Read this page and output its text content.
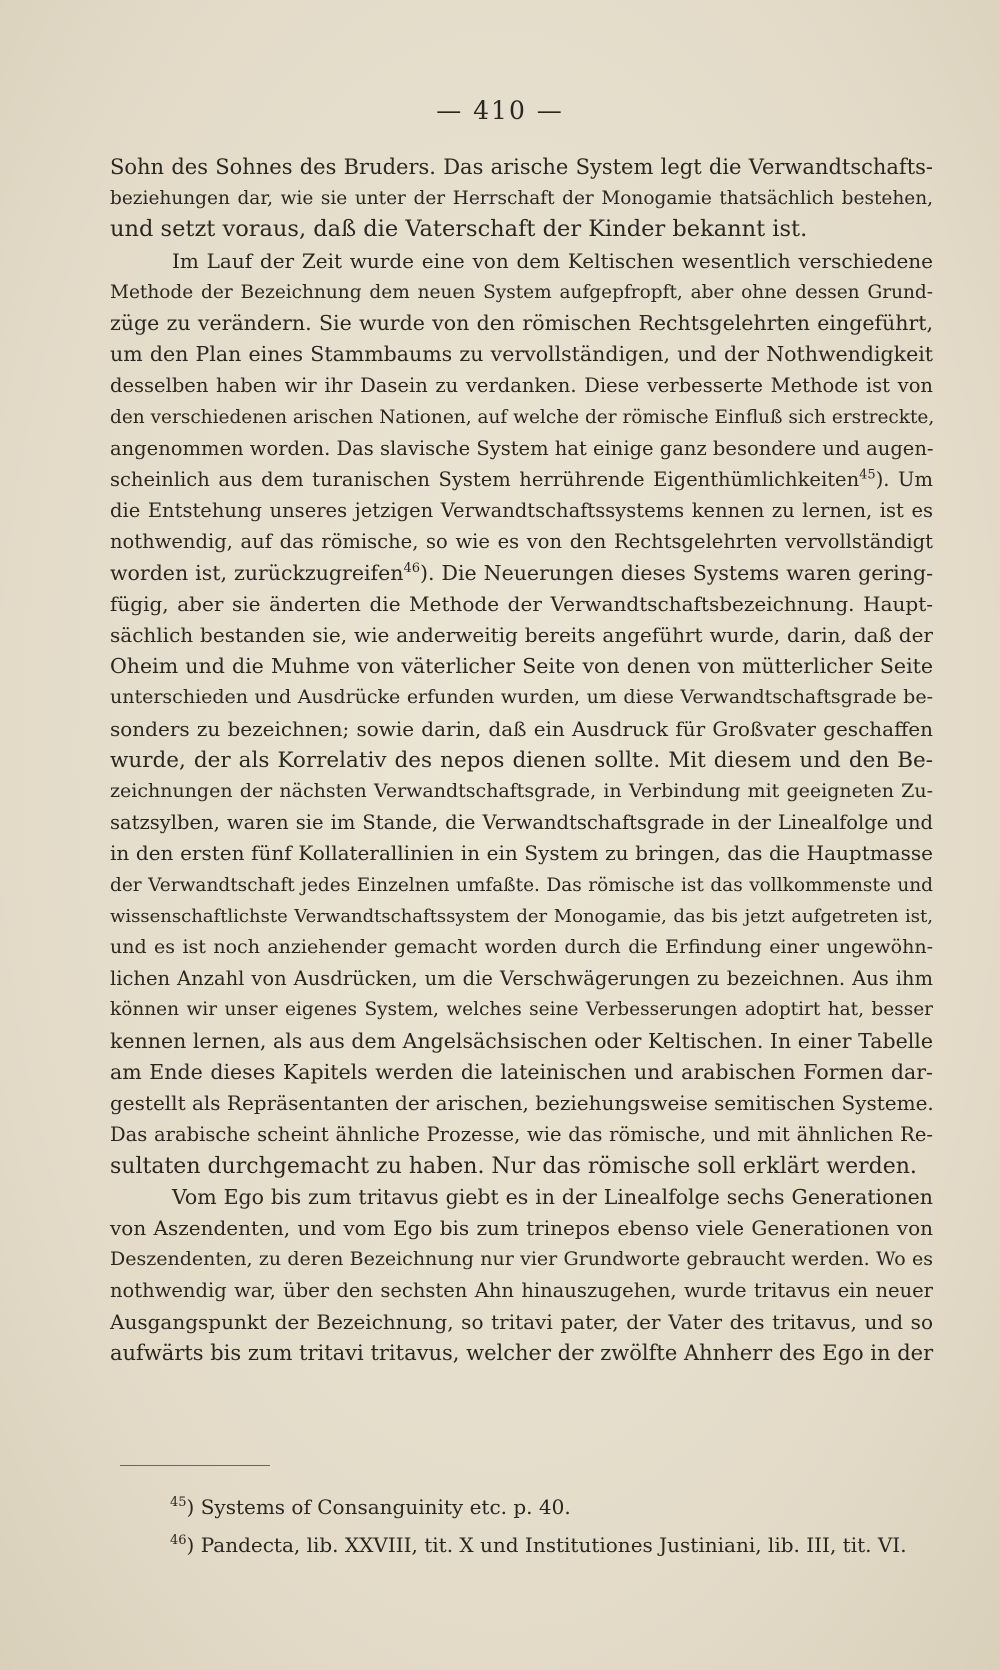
— 410 —
Sohn des Sohnes des Bruders. Das arische System legt die Verwandtschafts-
beziehungen dar, wie sie unter der Herrschaft der Monogamie thatsächlich bestehen,
und setzt voraus, daß die Vaterschaft der Kinder bekannt ist.
Im Lauf der Zeit wurde eine von dem Keltischen wesentlich verschiedene
Methode der Bezeichnung dem neuen System aufgepfropft, aber ohne dessen Grund-
züge zu verändern. Sie wurde von den römischen Rechtsgelehrten eingeführt,
um den Plan eines Stammbaums zu vervollständigen, und der Nothwendigkeit
desselben haben wir ihr Dasein zu verdanken. Diese verbesserte Methode ist von
den verschiedenen arischen Nationen, auf welche der römische Einfluß sich erstreckte,
angenommen worden. Das slavische System hat einige ganz besondere und augen-
scheinlich aus dem turanischen System herrührende Eigenthümlichkeiten$^{45}$). Um
die Entstehung unseres jetzigen Verwandtschaftssystems kennen zu lernen, ist es
nothwendig, auf das römische, so wie es von den Rechtsgelehrten vervollständigt
worden ist, zurückzugreifen$^{46}$). Die Neuerungen dieses Systems waren gering-
fügig, aber sie änderten die Methode der Verwandtschaftsbezeichnung. Haupt-
sächlich bestanden sie, wie anderweitig bereits angeführt wurde, darin, daß der
Oheim und die Muhme von väterlicher Seite von denen von mütterlicher Seite
unterschieden und Ausdrücke erfunden wurden, um diese Verwandtschaftsgrade be-
sonders zu bezeichnen; sowie darin, daß ein Ausdruck für Großvater geschaffen
wurde, der als Korrelativ des nepos dienen sollte. Mit diesem und den Be-
zeichnungen der nächsten Verwandtschaftsgrade, in Verbindung mit geeigneten Zu-
satzsylben, waren sie im Stande, die Verwandtschaftsgrade in der Linealfolge und
in den ersten fünf Kollaterallinien in ein System zu bringen, das die Hauptmasse
der Verwandtschaft jedes Einzelnen umfaßte. Das römische ist das vollkommenste und
wissenschaftlichste Verwandtschaftssystem der Monogamie, das bis jetzt aufgetreten ist,
und es ist noch anziehender gemacht worden durch die Erfindung einer ungewöhn-
lichen Anzahl von Ausdrücken, um die Verschwägerungen zu bezeichnen. Aus ihm
können wir unser eigenes System, welches seine Verbesserungen adoptirt hat, besser
kennen lernen, als aus dem Angelsächsischen oder Keltischen. In einer Tabelle
am Ende dieses Kapitels werden die lateinischen und arabischen Formen dar-
gestellt als Repräsentanten der arischen, beziehungsweise semitischen Systeme.
Das arabische scheint ähnliche Prozesse, wie das römische, und mit ähnlichen Re-
sultaten durchgemacht zu haben. Nur das römische soll erklärt werden.
Vom Ego bis zum tritavus giebt es in der Linealfolge sechs Generationen
von Aszendenten, und vom Ego bis zum trinepos ebenso viele Generationen von
Deszendenten, zu deren Bezeichnung nur vier Grundworte gebraucht werden. Wo es
nothwendig war, über den sechsten Ahn hinauszugehen, wurde tritavus ein neuer
Ausgangspunkt der Bezeichnung, so tritavi pater, der Vater des tritavus, und so
aufwärts bis zum tritavi tritavus, welcher der zwölfte Ahnherr des Ego in der
$^{45}$) Systems of Consanguinity etc. p. 40.
$^{46}$) Pandecta, lib. XXVIII, tit. X und Institutiones Justiniani, lib. III, tit. VI.
